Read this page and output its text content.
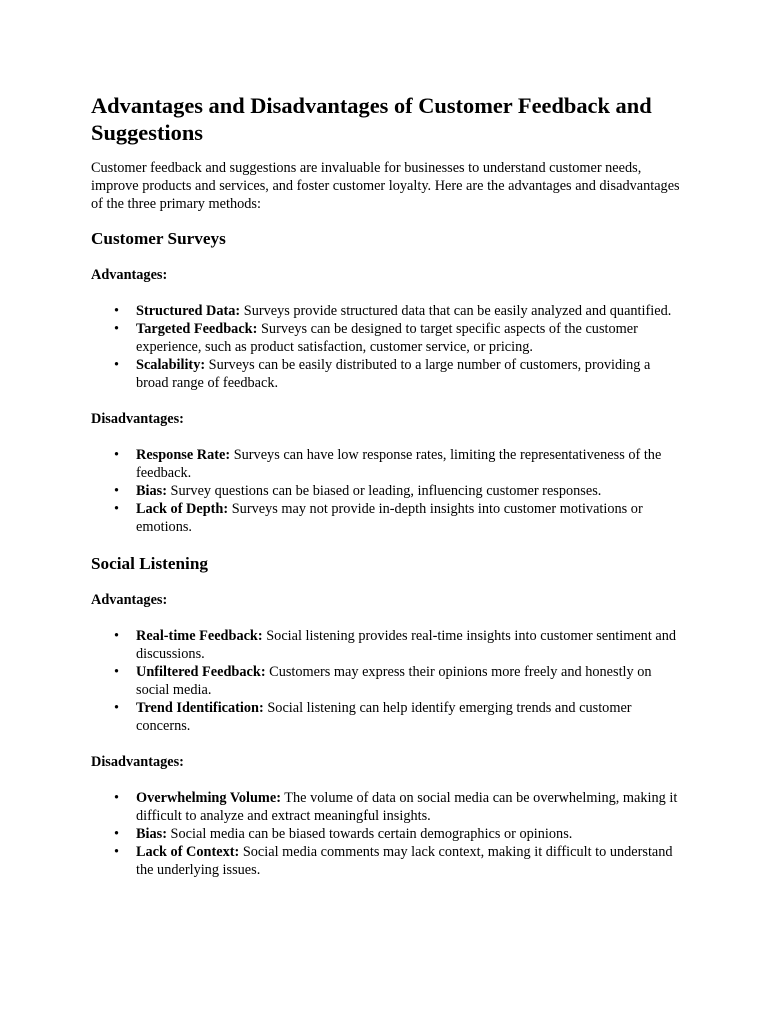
Advantages and Disadvantages of Customer Feedback and Suggestions

Customer feedback and suggestions are invaluable for businesses to understand customer needs, improve products and services, and foster customer loyalty. Here are the advantages and disadvantages of the three primary methods:

Customer Surveys
Advantages:
• Structured Data: Surveys provide structured data that can be easily analyzed and quantified.
• Targeted Feedback: Surveys can be designed to target specific aspects of the customer experience, such as product satisfaction, customer service, or pricing.
• Scalability: Surveys can be easily distributed to a large number of customers, providing a broad range of feedback.
Disadvantages:
• Response Rate: Surveys can have low response rates, limiting the representativeness of the feedback.
• Bias: Survey questions can be biased or leading, influencing customer responses.
• Lack of Depth: Surveys may not provide in-depth insights into customer motivations or emotions.
Social Listening
Advantages:
• Real-time Feedback: Social listening provides real-time insights into customer sentiment and discussions.
• Unfiltered Feedback: Customers may express their opinions more freely and honestly on social media.
• Trend Identification: Social listening can help identify emerging trends and customer concerns.
Disadvantages:
• Overwhelming Volume: The volume of data on social media can be overwhelming, making it difficult to analyze and extract meaningful insights.
• Bias: Social media can be biased towards certain demographics or opinions.
• Lack of Context: Social media comments may lack context, making it difficult to understand the underlying issues.
